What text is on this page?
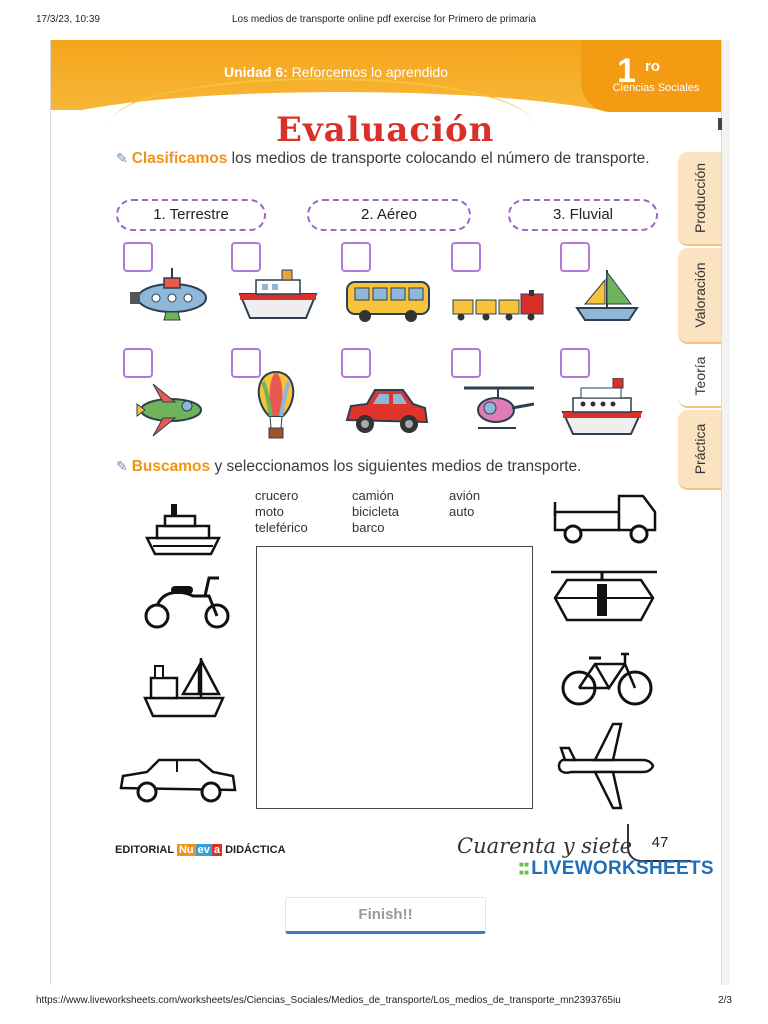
17/3/23, 10:39	Los medios de transporte online pdf exercise for Primero de primaria
Unidad 6: Reforcemos lo aprendido	1 ro
Ciencias Sociales
Evaluación
✎ Clasificamos los medios de transporte colocando el número de transporte.
1. Terrestre	2. Aéreo	3. Fluvial
✎ Buscamos y seleccionamos los siguientes medios de transporte.
crucero	camión	avión
moto	bicicleta	auto
teleférico	barco
EDITORIAL Nu ev a DIDÁCTICA	Cuarenta y siete	47
■■
■■ LIVEWORKSHEETS
Producción
Valoración
Teoría
Práctica
Finish!!
https://www.liveworksheets.com/worksheets/es/Ciencias_Sociales/Medios_de_transporte/Los_medios_de_transporte_mn2393765iu	2/3
